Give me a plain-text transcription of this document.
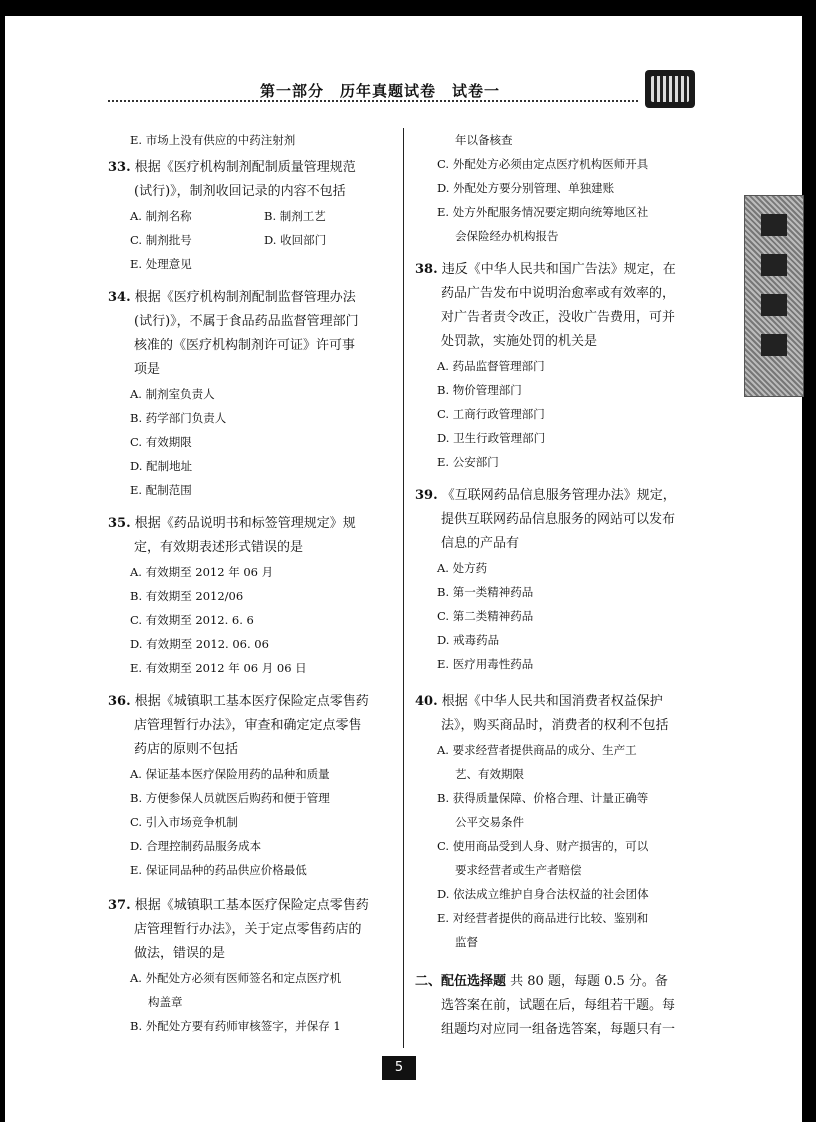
第一部分　历年真题试卷　试卷一
E. 市场上没有供应的中药注射剂
33. 根据《医疗机构制剂配制质量管理规范
(试行)》，制剂收回记录的内容不包括
A. 制剂名称	B. 制剂工艺
C. 制剂批号	D. 收回部门
E. 处理意见
34. 根据《医疗机构制剂配制监督管理办法
(试行)》，不属于食品药品监督管理部门
核准的《医疗机构制剂许可证》许可事
项是
A. 制剂室负责人
B. 药学部门负责人
C. 有效期限
D. 配制地址
E. 配制范围
35. 根据《药品说明书和标签管理规定》规
定，有效期表述形式错误的是
A. 有效期至 2012 年 06 月
B. 有效期至 2012/06
C. 有效期至 2012. 6. 6
D. 有效期至 2012. 06. 06
E. 有效期至 2012 年 06 月 06 日
36. 根据《城镇职工基本医疗保险定点零售药
店管理暂行办法》，审查和确定定点零售
药店的原则不包括
A. 保证基本医疗保险用药的品种和质量
B. 方便参保人员就医后购药和便于管理
C. 引入市场竞争机制
D. 合理控制药品服务成本
E. 保证同品种的药品供应价格最低
37. 根据《城镇职工基本医疗保险定点零售药
店管理暂行办法》，关于定点零售药店的
做法，错误的是
A. 外配处方必须有医师签名和定点医疗机
构盖章
B. 外配处方要有药师审核签字，并保存 1
年以备核查
C. 外配处方必须由定点医疗机构医师开具
D. 外配处方要分别管理、单独建账
E. 处方外配服务情况要定期向统筹地区社
会保险经办机构报告
38. 违反《中华人民共和国广告法》规定，在
药品广告发布中说明治愈率或有效率的，
对广告者责令改正，没收广告费用，可并
处罚款，实施处罚的机关是
A. 药品监督管理部门
B. 物价管理部门
C. 工商行政管理部门
D. 卫生行政管理部门
E. 公安部门
39. 《互联网药品信息服务管理办法》规定，
提供互联网药品信息服务的网站可以发布
信息的产品有
A. 处方药
B. 第一类精神药品
C. 第二类精神药品
D. 戒毒药品
E. 医疗用毒性药品
40. 根据《中华人民共和国消费者权益保护
法》，购买商品时，消费者的权利不包括
A. 要求经营者提供商品的成分、生产工
艺、有效期限
B. 获得质量保障、价格合理、计量正确等
公平交易条件
C. 使用商品受到人身、财产损害的，可以
要求经营者或生产者赔偿
D. 依法成立维护自身合法权益的社会团体
E. 对经营者提供的商品进行比较、鉴别和
监督
二、配伍选择题 共 80 题，每题 0.5 分。备
选答案在前，试题在后，每组若干题。每
组题均对应同一组备选答案，每题只有一
5
